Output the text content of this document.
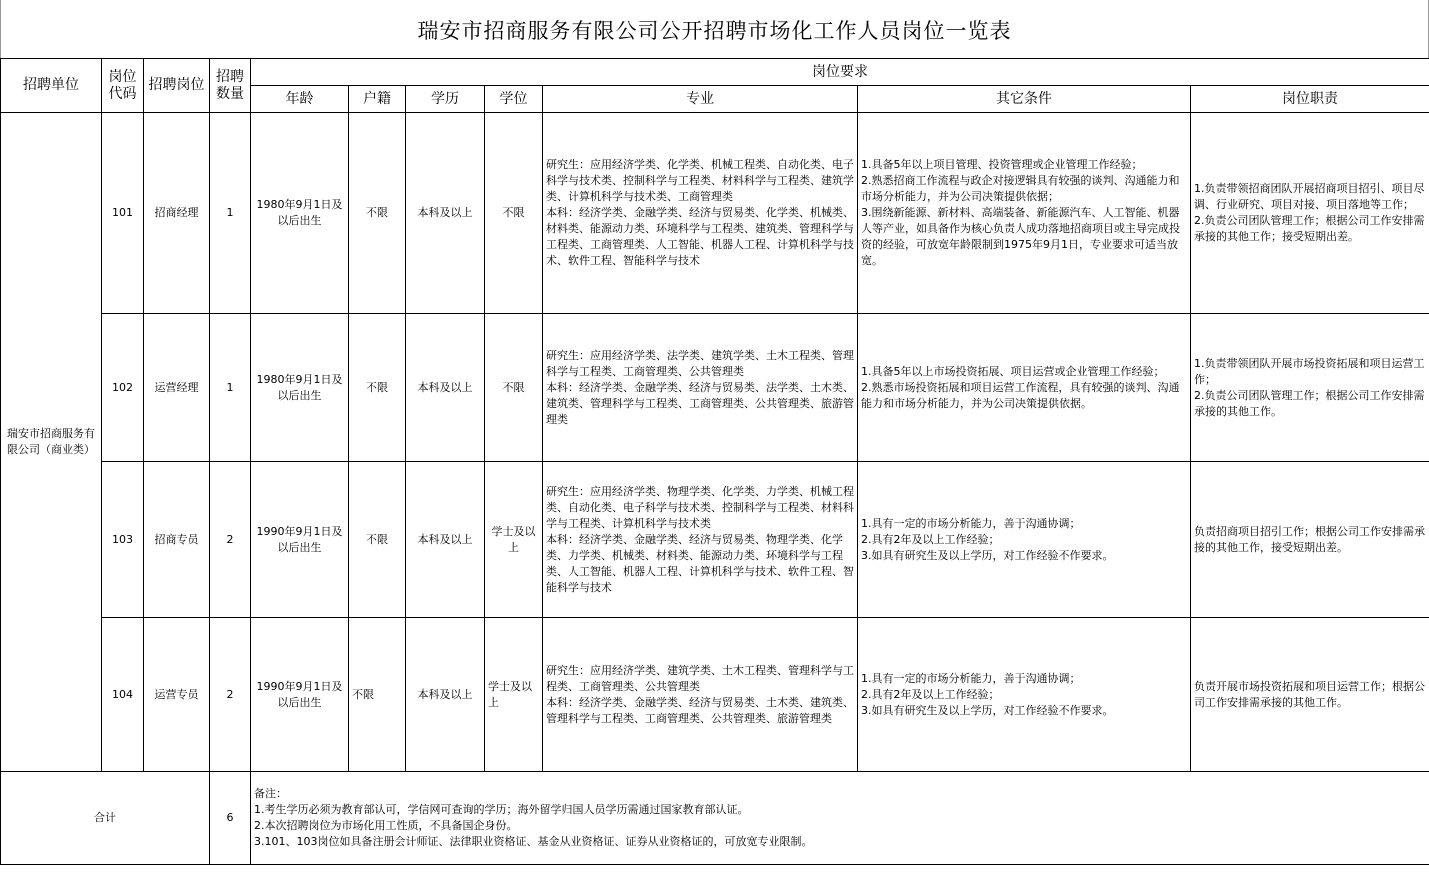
瑞安市招商服务有限公司公开招聘市场化工作人员岗位一览表
招聘单位	岗位代码	招聘岗位	招聘数量	岗位要求						
				年龄	户籍	学历	学位	专业	其它条件	岗位职责
瑞安市招商服务有限公司（商业类）	101	招商经理	1	1980年9月1日及以后出生	不限	本科及以上	不限	研究生：应用经济学类、化学类、机械工程类、自动化类、电子科学与技术类、控制科学与工程类、材料科学与工程类、建筑学类、计算机科学与技术类、工商管理类
本科：经济学类、金融学类、经济与贸易类、化学类、机械类、材料类、能源动力类、环境科学与工程类、建筑类、管理科学与工程类、工商管理类、人工智能、机器人工程、计算机科学与技术、软件工程、智能科学与技术	1.具备5年以上项目管理、投资管理或企业管理工作经验；
2.熟悉招商工作流程与政企对接逻辑具有较强的谈判、沟通能力和市场分析能力，并为公司决策提供依据；
3.围绕新能源、新材料、高端装备、新能源汽车、人工智能、机器人等产业，如具备作为核心负责人成功落地招商项目或主导完成投资的经验，可放宽年龄限制到1975年9月1日，专业要求可适当放宽。	1.负责带领招商团队开展招商项目招引、项目尽调、行业研究、项目对接、项目落地等工作；
2.负责公司团队管理工作；根据公司工作安排需承接的其他工作；接受短期出差。

	102	运营经理	1	1980年9月1日及以后出生	不限	本科及以上	不限	研究生：应用经济学类、法学类、建筑学类、土木工程类、管理科学与工程类、工商管理类、公共管理类
本科：经济学类、金融学类、经济与贸易类、法学类、土木类、建筑类、管理科学与工程类、工商管理类、公共管理类、旅游管理类	1.具备5年以上市场投资拓展、项目运营或企业管理工作经验；
2.熟悉市场投资拓展和项目运营工作流程，具有较强的谈判、沟通能力和市场分析能力，并为公司决策提供依据。	1.负责带领团队开展市场投资拓展和项目运营工作；
2.负责公司团队管理工作；根据公司工作安排需承接的其他工作。

	103	招商专员	2	1990年9月1日及以后出生	不限	本科及以上	学士及以上	研究生：应用经济学类、物理学类、化学类、力学类、机械工程类、自动化类、电子科学与技术类、控制科学与工程类、材料科学与工程类、计算机科学与技术类
本科：经济学类、金融学类、经济与贸易类、物理学类、化学类、力学类、机械类、材料类、能源动力类、环境科学与工程类、人工智能、机器人工程、计算机科学与技术、软件工程、智能科学与技术	1.具有一定的市场分析能力，善于沟通协调；
2.具有2年及以上工作经验；
3.如具有研究生及以上学历，对工作经验不作要求。	负责招商项目招引工作；根据公司工作安排需承接的其他工作，接受短期出差。

	104	运营专员	2	1990年9月1日及以后出生	不限	本科及以上	学士及以上	研究生：应用经济学类、建筑学类、土木工程类、管理科学与工程类、工商管理类、公共管理类
本科：经济学类、金融学类、经济与贸易类、土木类、建筑类、管理科学与工程类、工商管理类、公共管理类、旅游管理类	1.具有一定的市场分析能力，善于沟通协调；
2.具有2年及以上工作经验；
3.如具有研究生及以上学历，对工作经验不作要求。	负责开展市场投资拓展和项目运营工作；根据公司工作安排需承接的其他工作。

合计			6	备注：
1.考生学历必须为教育部认可，学信网可查询的学历；海外留学归国人员学历需通过国家教育部认证。
2.本次招聘岗位为市场化用工性质，不具备国企身份。
3.101、103岗位如具备注册会计师证、法律职业资格证、基金从业资格证、证券从业资格证的，可放宽专业限制。						
